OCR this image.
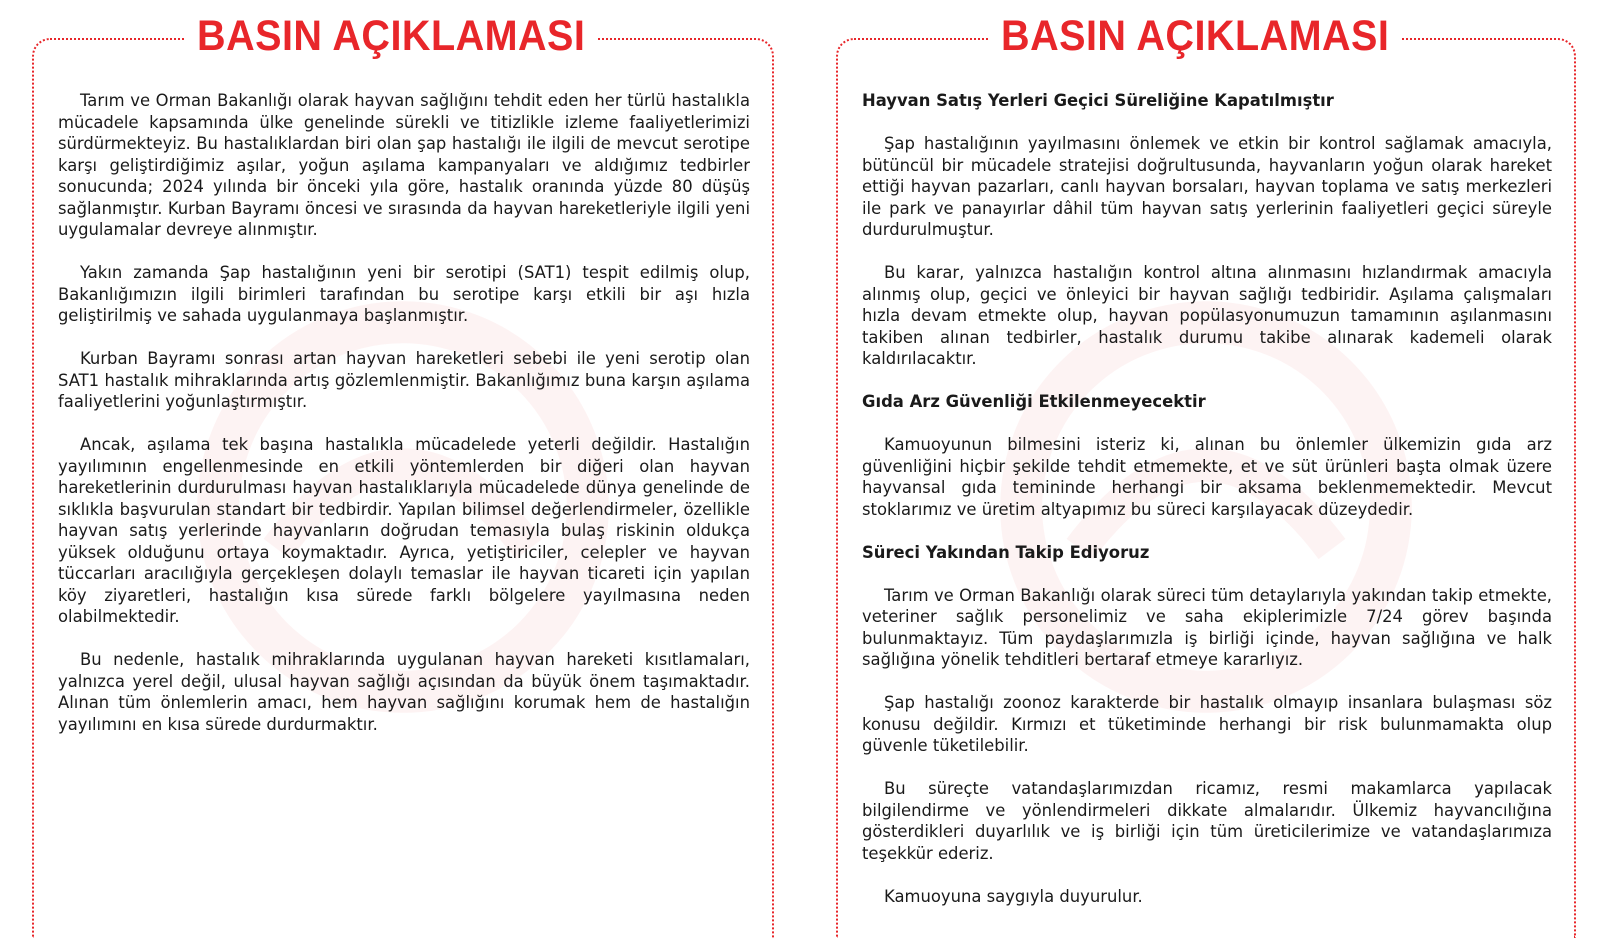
Tarım ve Orman Bakanlığı olarak hayvan sağlığını tehdit eden her türlü hastalıkla mücadele kapsamında ülke genelinde sürekli ve titizlikle izleme faaliyetlerimizi sürdürmekteyiz. Bu hastalıklardan biri olan şap hastalığı ile ilgili de mevcut serotipe karşı geliştirdiğimiz aşılar, yoğun aşılama kampanyaları ve aldığımız tedbirler sonucunda; 2024 yılında bir önceki yıla göre, hastalık oranında yüzde 80 düşüş sağlanmıştır. Kurban Bayramı öncesi ve sırasında da hayvan hareketleriyle ilgili yeni uygulamalar devreye alınmıştır.

Yakın zamanda Şap hastalığının yeni bir serotipi (SAT1) tespit edilmiş olup, Bakanlığımızın ilgili birimleri tarafından bu serotipe karşı etkili bir aşı hızla geliştirilmiş ve sahada uygulanmaya başlanmıştır.

Kurban Bayramı sonrası artan hayvan hareketleri sebebi ile yeni serotip olan SAT1 hastalık mihraklarında artış gözlemlenmiştir. Bakanlığımız buna karşın aşılama faaliyetlerini yoğunlaştırmıştır.

Ancak, aşılama tek başına hastalıkla mücadelede yeterli değildir. Hastalığın yayılımının engellenmesinde en etkili yöntemlerden bir diğeri olan hayvan hareketlerinin durdurulması hayvan hastalıklarıyla mücadelede dünya genelinde de sıklıkla başvurulan standart bir tedbirdir. Yapılan bilimsel değerlendirmeler, özellikle hayvan satış yerlerinde hayvanların doğrudan temasıyla bulaş riskinin oldukça yüksek olduğunu ortaya koymaktadır. Ayrıca, yetiştiriciler, celepler ve hayvan tüccarları aracılığıyla gerçekleşen dolaylı temaslar ile hayvan ticareti için yapılan köy ziyaretleri, hastalığın kısa sürede farklı bölgelere yayılmasına neden olabilmektedir.

Bu nedenle, hastalık mihraklarında uygulanan hayvan hareketi kısıtlamaları, yalnızca yerel değil, ulusal hayvan sağlığı açısından da büyük önem taşımaktadır. Alınan tüm önlemlerin amacı, hem hayvan sağlığını korumak hem de hastalığın yayılımını en kısa sürede durdurmaktır.

BASIN AÇIKLAMASI
Hayvan Satış Yerleri Geçici Süreliğine Kapatılmıştır

Şap hastalığının yayılmasını önlemek ve etkin bir kontrol sağlamak amacıyla, bütüncül bir mücadele stratejisi doğrultusunda, hayvanların yoğun olarak hareket ettiği hayvan pazarları, canlı hayvan borsaları, hayvan toplama ve satış merkezleri ile park ve panayırlar dâhil tüm hayvan satış yerlerinin faaliyetleri geçici süreyle durdurulmuştur.

Bu karar, yalnızca hastalığın kontrol altına alınmasını hızlandırmak amacıyla alınmış olup, geçici ve önleyici bir hayvan sağlığı tedbiridir. Aşılama çalışmaları hızla devam etmekte olup, hayvan popülasyonumuzun tamamının aşılanmasını takiben alınan tedbirler, hastalık durumu takibe alınarak kademeli olarak kaldırılacaktır.

Gıda Arz Güvenliği Etkilenmeyecektir

Kamuoyunun bilmesini isteriz ki, alınan bu önlemler ülkemizin gıda arz güvenliğini hiçbir şekilde tehdit etmemekte, et ve süt ürünleri başta olmak üzere hayvansal gıda temininde herhangi bir aksama beklenmemektedir. Mevcut stoklarımız ve üretim altyapımız bu süreci karşılayacak düzeydedir.

Süreci Yakından Takip Ediyoruz

Tarım ve Orman Bakanlığı olarak süreci tüm detaylarıyla yakından takip etmekte, veteriner sağlık personelimiz ve saha ekiplerimizle 7/24 görev başında bulunmaktayız. Tüm paydaşlarımızla iş birliği içinde, hayvan sağlığına ve halk sağlığına yönelik tehditleri bertaraf etmeye kararlıyız.

Şap hastalığı zoonoz karakterde bir hastalık olmayıp insanlara bulaşması söz konusu değildir. Kırmızı et tüketiminde herhangi bir risk bulunmamakta olup güvenle tüketilebilir.

Bu süreçte vatandaşlarımızdan ricamız, resmi makamlarca yapılacak bilgilendirme ve yönlendirmeleri dikkate almalarıdır. Ülkemiz hayvancılığına gösterdikleri duyarlılık ve iş birliği için tüm üreticilerimize ve vatandaşlarımıza teşekkür ederiz.

Kamuoyuna saygıyla duyurulur.

BASIN AÇIKLAMASI
